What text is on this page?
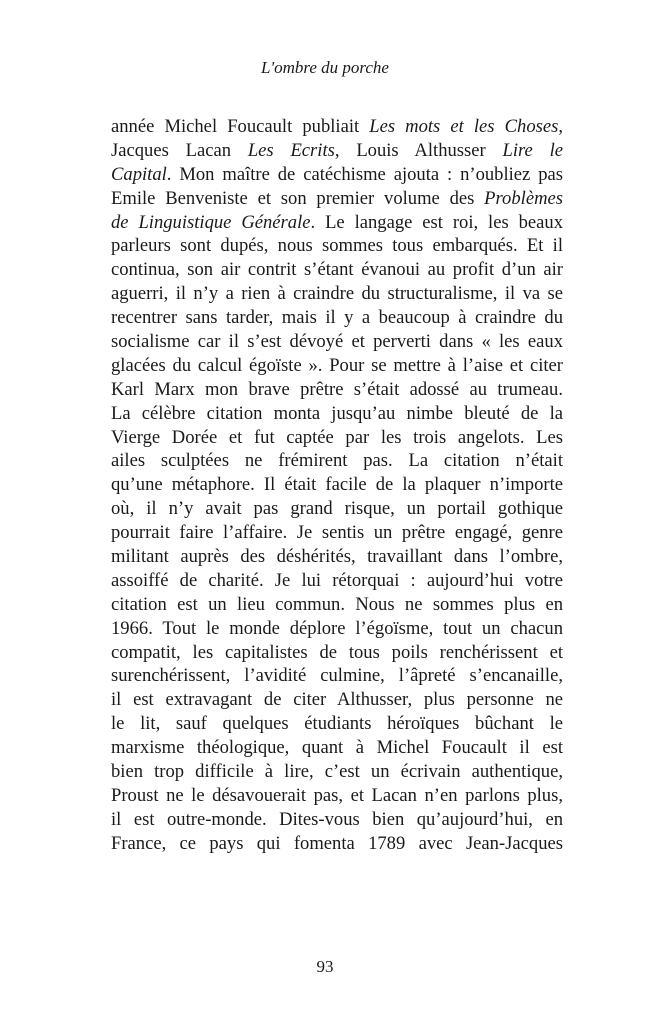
L'ombre du porche
année Michel Foucault publiait Les mots et les Choses,
Jacques Lacan Les Ecrits, Louis Althusser Lire le
Capital. Mon maître de catéchisme ajouta : n’oubliez pas
Emile Benveniste et son premier volume des Problèmes
de Linguistique Générale. Le langage est roi, les beaux
parleurs sont dupés, nous sommes tous embarqués. Et il
continua, son air contrit s’étant évanoui au profit d’un air
aguerri, il n’y a rien à craindre du structuralisme, il va se
recentrer sans tarder, mais il y a beaucoup à craindre du
socialisme car il s’est dévoyé et perverti dans « les eaux
glacées du calcul égoïste ». Pour se mettre à l’aise et citer
Karl Marx mon brave prêtre s’était adossé au trumeau.
La célèbre citation monta jusqu’au nimbe bleuté de la
Vierge Dorée et fut captée par les trois angelots. Les
ailes sculptées ne frémirent pas. La citation n’était
qu’une métaphore. Il était facile de la plaquer n’importe
où, il n’y avait pas grand risque, un portail gothique
pourrait faire l’affaire. Je sentis un prêtre engagé, genre
militant auprès des déshérités, travaillant dans l’ombre,
assoiffé de charité. Je lui rétorquai : aujourd’hui votre
citation est un lieu commun. Nous ne sommes plus en
1966. Tout le monde déplore l’égoïsme, tout un chacun
compatit, les capitalistes de tous poils renchérissent et
surenchérissent, l’avidité culmine, l’âpreté s’encanaille,
il est extravagant de citer Althusser, plus personne ne
le lit, sauf quelques étudiants héroïques bûchant le
marxisme théologique, quant à Michel Foucault il est
bien trop difficile à lire, c’est un écrivain authentique,
Proust ne le désavouerait pas, et Lacan n’en parlons plus,
il est outre-monde. Dites-vous bien qu’aujourd’hui, en
France, ce pays qui fomenta 1789 avec Jean-Jacques
93
